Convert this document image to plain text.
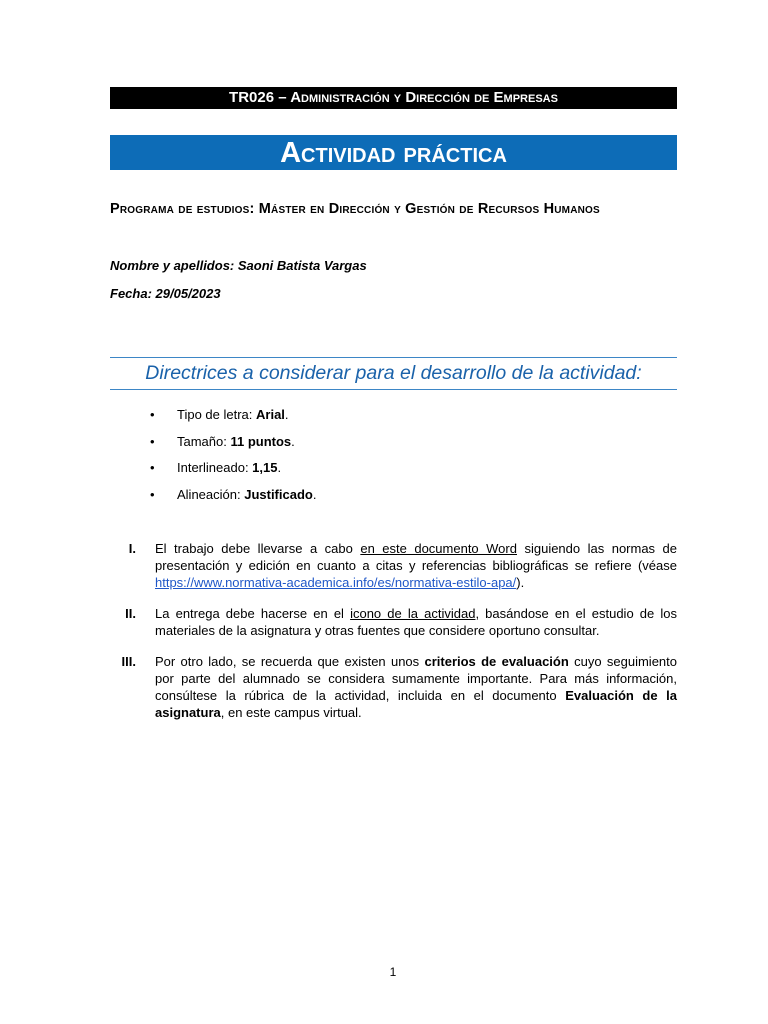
TR026 – Administración y Dirección de Empresas
Actividad práctica
Programa de estudios: Máster en Dirección y Gestión de Recursos Humanos
Nombre y apellidos: Saoni Batista Vargas
Fecha: 29/05/2023
Directrices a considerar para el desarrollo de la actividad:
• Tipo de letra: Arial.
• Tamaño: 11 puntos.
• Interlineado: 1,15.
• Alineación: Justificado.
I. El trabajo debe llevarse a cabo en este documento Word siguiendo las normas de presentación y edición en cuanto a citas y referencias bibliográficas se refiere (véase https://www.normativa-academica.info/es/normativa-estilo-apa/).
II. La entrega debe hacerse en el icono de la actividad, basándose en el estudio de los materiales de la asignatura y otras fuentes que considere oportuno consultar.
III. Por otro lado, se recuerda que existen unos criterios de evaluación cuyo seguimiento por parte del alumnado se considera sumamente importante. Para más información, consúltese la rúbrica de la actividad, incluida en el documento Evaluación de la asignatura, en este campus virtual.
1
